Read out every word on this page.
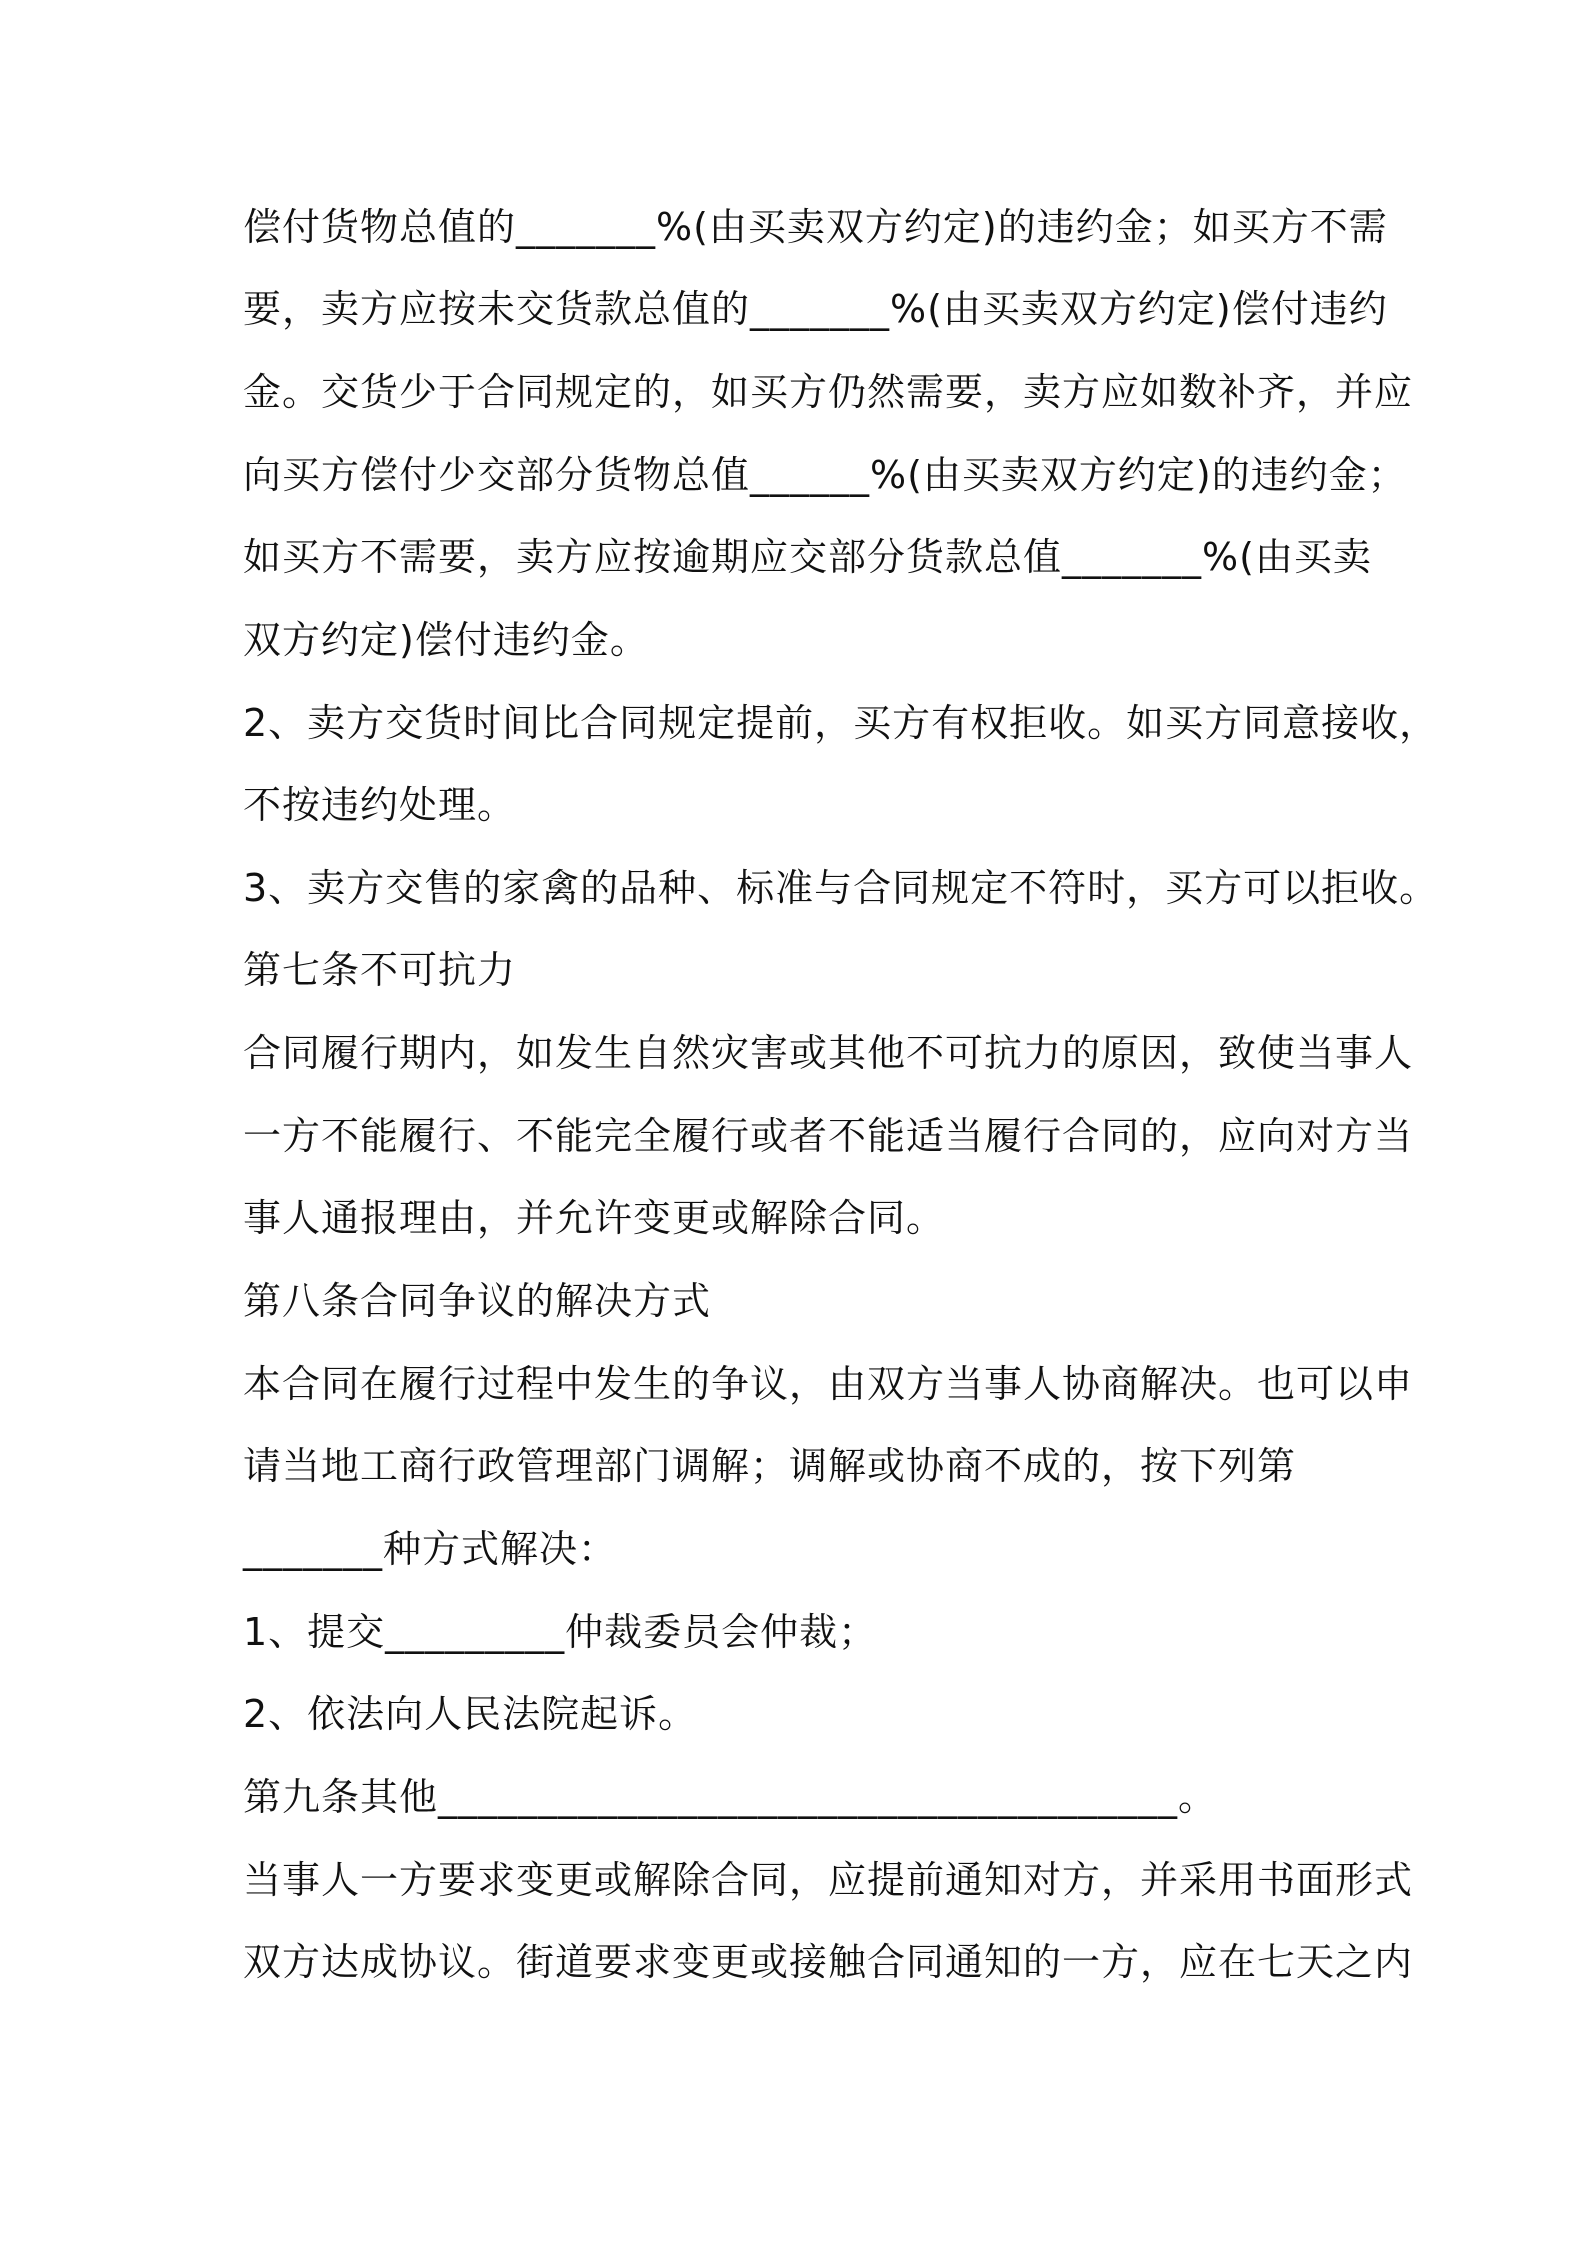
偿付货物总值的_______%(由买卖双方约定)的违约金；如买方不需
要，卖方应按未交货款总值的_______%(由买卖双方约定)偿付违约
金。交货少于合同规定的，如买方仍然需要，卖方应如数补齐，并应
向买方偿付少交部分货物总值______%(由买卖双方约定)的违约金；
如买方不需要，卖方应按逾期应交部分货款总值_______%(由买卖
双方约定)偿付违约金。
2、卖方交货时间比合同规定提前，买方有权拒收。如买方同意接收，
不按违约处理。
3、卖方交售的家禽的品种、标准与合同规定不符时，买方可以拒收。
第七条不可抗力
合同履行期内，如发生自然灾害或其他不可抗力的原因，致使当事人
一方不能履行、不能完全履行或者不能适当履行合同的，应向对方当
事人通报理由，并允许变更或解除合同。
第八条合同争议的解决方式
本合同在履行过程中发生的争议，由双方当事人协商解决。也可以申
请当地工商行政管理部门调解；调解或协商不成的，按下列第
_______种方式解决：
1、提交_________仲裁委员会仲裁；
2、依法向人民法院起诉。
第九条其他_____________________________________。
当事人一方要求变更或解除合同，应提前通知对方，并采用书面形式
双方达成协议。街道要求变更或接触合同通知的一方，应在七天之内
